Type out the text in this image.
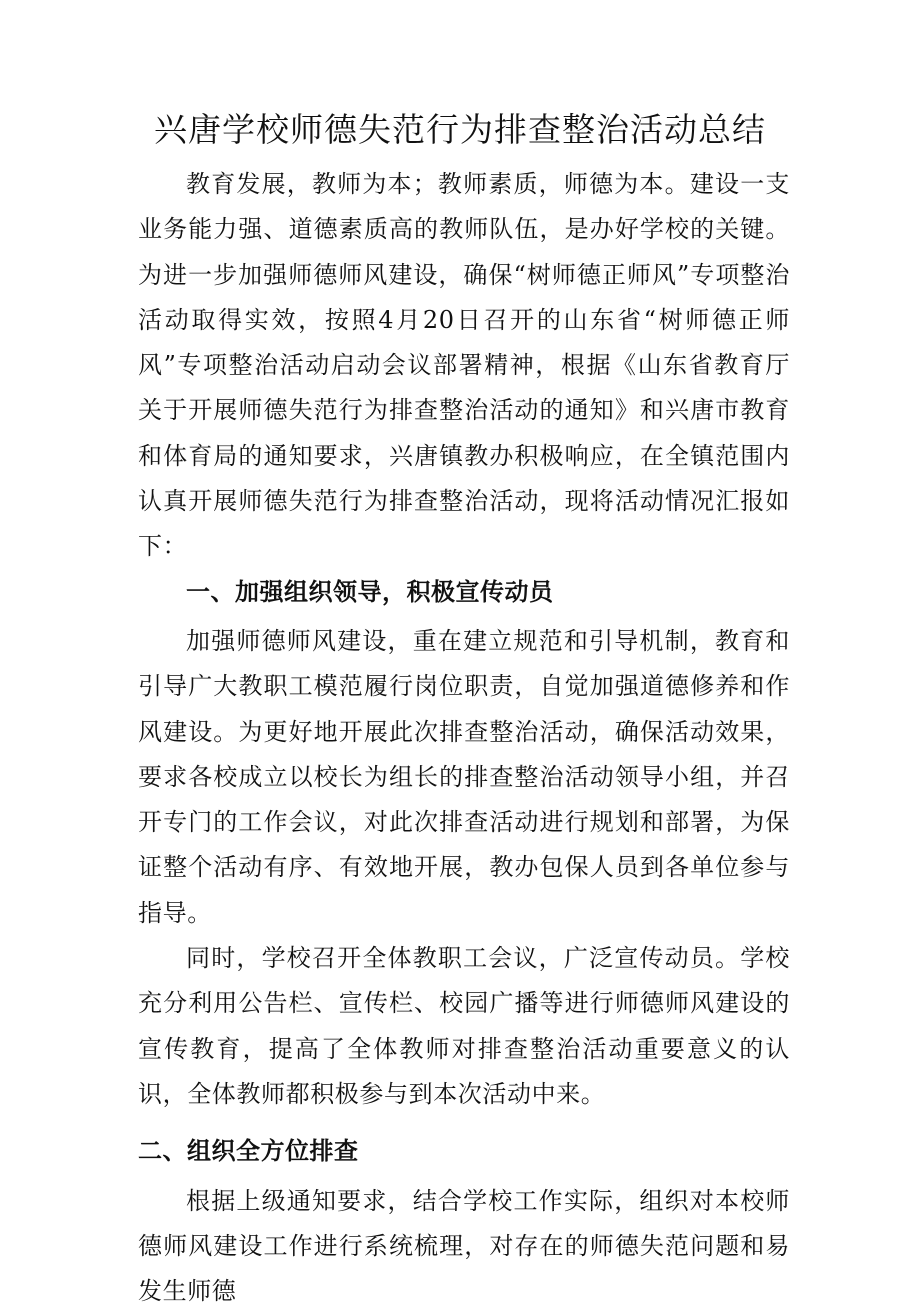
兴唐学校师德失范行为排查整治活动总结

教育发展，教师为本；教师素质，师德为本。建设一支业务能力强、道德素质高的教师队伍，是办好学校的关键。为进一步加强师德师风建设，确保“树师德正师风”专项整治活动取得实效，按照4月20日召开的山东省“树师德正师风”专项整治活动启动会议部署精神，根据《山东省教育厅关于开展师德失范行为排查整治活动的通知》和兴唐市教育和体育局的通知要求，兴唐镇教办积极响应，在全镇范围内认真开展师德失范行为排查整治活动，现将活动情况汇报如下：

一、加强组织领导，积极宣传动员

加强师德师风建设，重在建立规范和引导机制，教育和引导广大教职工模范履行岗位职责，自觉加强道德修养和作风建设。为更好地开展此次排查整治活动，确保活动效果，要求各校成立以校长为组长的排查整治活动领导小组，并召开专门的工作会议，对此次排查活动进行规划和部署，为保证整个活动有序、有效地开展，教办包保人员到各单位参与指导。

同时，学校召开全体教职工会议，广泛宣传动员。学校充分利用公告栏、宣传栏、校园广播等进行师德师风建设的宣传教育，提高了全体教师对排查整治活动重要意义的认识，全体教师都积极参与到本次活动中来。

二、组织全方位排查

根据上级通知要求，结合学校工作实际，组织对本校师德师风建设工作进行系统梳理，对存在的师德失范问题和易发生师德
